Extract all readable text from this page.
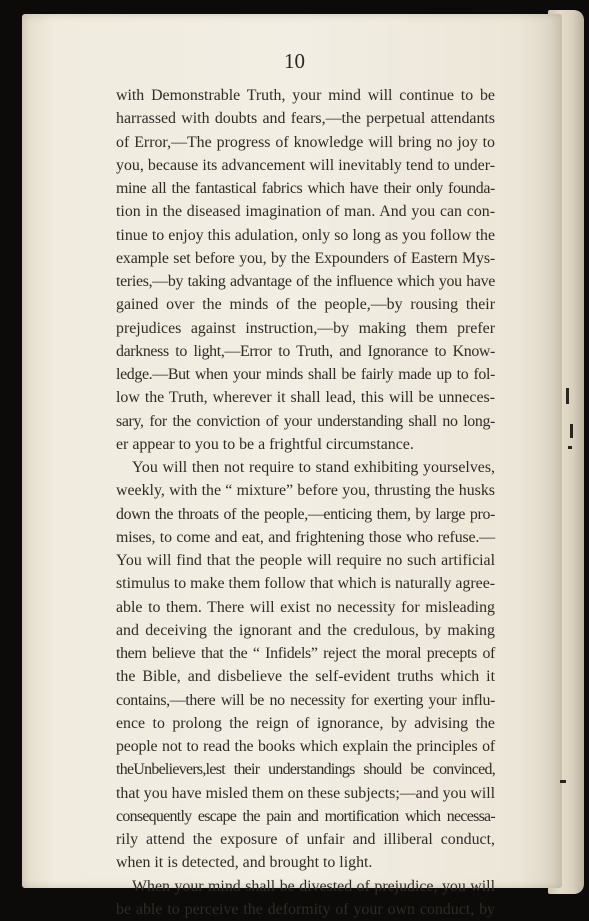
10

with Demonstrable Truth, your mind will continue to be
harrassed with doubts and fears,—the perpetual attendants
of Error,—The progress of knowledge will bring no joy to
you, because its advancement will inevitably tend to under-
mine all the fantastical fabrics which have their only founda-
tion in the diseased imagination of man. And you can con-
tinue to enjoy this adulation, only so long as you follow the
example set before you, by the Expounders of Eastern Mys-
teries,—by taking advantage of the influence which you have
gained over the minds of the people,—by rousing their
prejudices against instruction,—by making them prefer
darkness to light,—Error to Truth, and Ignorance to Know-
ledge.—But when your minds shall be fairly made up to fol-
low the Truth, wherever it shall lead, this will be unneces-
sary, for the conviction of your understanding shall no long-
er appear to you to be a frightful circumstance.
You will then not require to stand exhibiting yourselves,
weekly, with the “ mixture” before you, thrusting the husks
down the throats of the people,—enticing them, by large pro-
mises, to come and eat, and frightening those who refuse.—
You will find that the people will require no such artificial
stimulus to make them follow that which is naturally agree-
able to them. There will exist no necessity for misleading
and deceiving the ignorant and the credulous, by making
them believe that the “ Infidels” reject the moral precepts of
the Bible, and disbelieve the self-evident truths which it
contains,—there will be no necessity for exerting your influ-
ence to prolong the reign of ignorance, by advising the
people not to read the books which explain the principles of
theUnbelievers,lest their understandings should be convinced,
that you have misled them on these subjects;—and you will
consequently escape the pain and mortification which necessa-
rily attend the exposure of unfair and illiberal conduct,
when it is detected, and brought to light.
When your mind shall be divested of prejudice, you will
be able to perceive the deformity of your own conduct, by
